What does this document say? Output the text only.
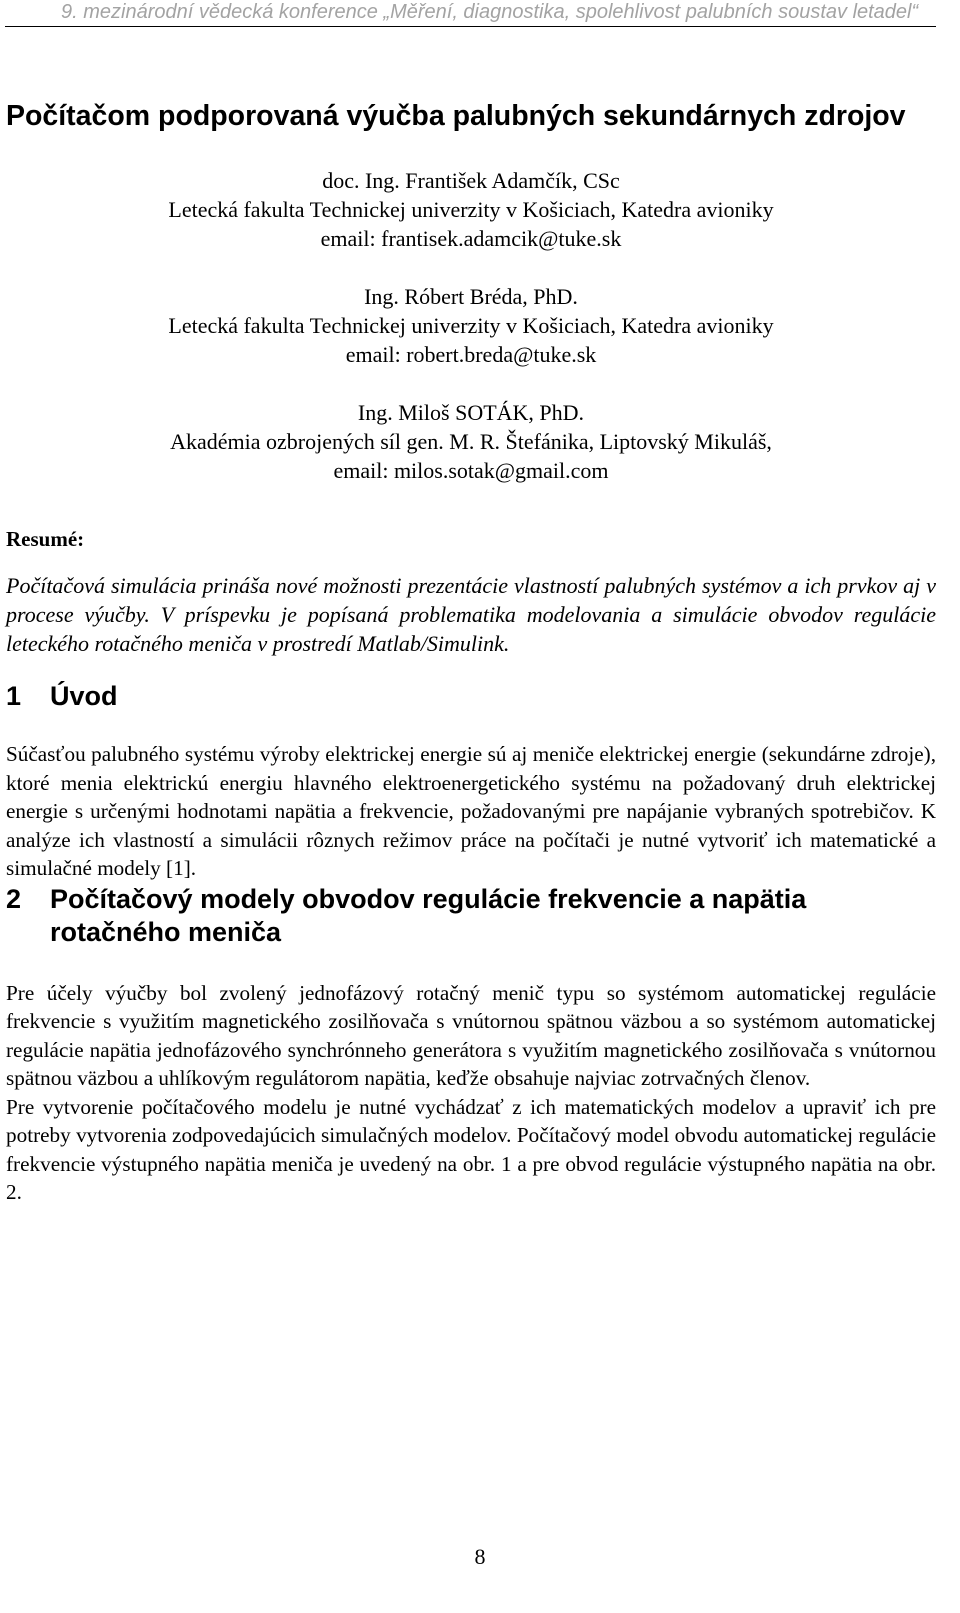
9. mezinárodní vědecká konference „Měření, diagnostika, spolehlivost palubních soustav letadel“
Počítačom podporovaná výučba palubných sekundárnych zdrojov
doc. Ing. František Adamčík, CSc
Letecká fakulta Technickej univerzity v Košiciach, Katedra avioniky
email: frantisek.adamcik@tuke.sk
Ing. Róbert Bréda, PhD.
Letecká fakulta Technickej univerzity v Košiciach, Katedra avioniky
email: robert.breda@tuke.sk
Ing. Miloš SOTÁK, PhD.
Akadémia ozbrojených síl gen. M. R. Štefánika, Liptovský Mikuláš,
email: milos.sotak@gmail.com
Resumé:

Počítačová simulácia prináša nové možnosti prezentácie vlastností palubných systémov a ich prvkov aj v procese výučby. V príspevku je popísaná problematika modelovania a simulácie obvodov regulácie leteckého rotačného meniča v prostredí Matlab/Simulink.

1	Úvod

Súčasťou palubného systému výroby elektrickej energie sú aj meniče elektrickej energie (sekundárne zdroje), ktoré menia elektrickú energiu hlavného elektroenergetického systému na požadovaný druh elektrickej energie s určenými hodnotami napätia a frekvencie, požadovanými pre napájanie vybraných spotrebičov. K analýze ich vlastností a simulácii rôznych režimov práce na počítači je nutné vytvoriť ich matematické a simulačné modely [1].

2	Počítačový modely obvodov regulácie frekvencie a napätia rotačného meniča

Pre účely výučby bol zvolený jednofázový rotačný menič typu so systémom automatickej regulácie frekvencie s využitím magnetického zosilňovača s vnútornou spätnou väzbou a so systémom automatickej regulácie napätia jednofázového synchrónneho generátora s využitím magnetického zosilňovača s vnútornou spätnou väzbou a uhlíkovým regulátorom napätia, keďže obsahuje najviac zotrvačných členov.

Pre vytvorenie počítačového modelu je nutné vychádzať z ich matematických modelov a upraviť ich pre potreby vytvorenia zodpovedajúcich simulačných modelov. Počítačový model obvodu automatickej regulácie frekvencie výstupného napätia meniča je uvedený na obr. 1 a pre obvod regulácie výstupného napätia na obr. 2.

8
